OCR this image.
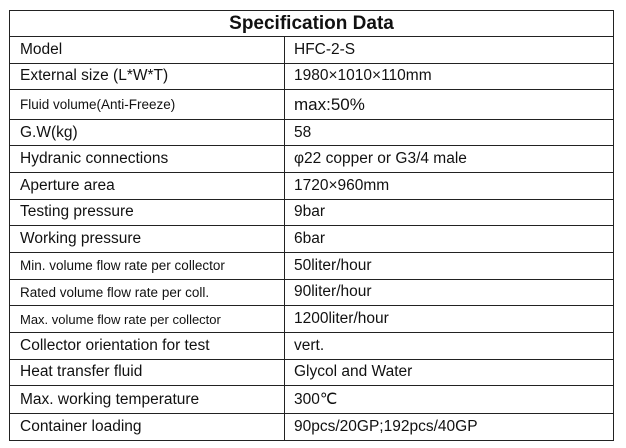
Specification Data	
Model	HFC-2-S
External size (L*W*T)	1980×1010×110mm
Fluid volume(Anti-Freeze)	max:50%
G.W(kg)	58
Hydranic connections	φ22 copper or G3/4 male
Aperture area	1720×960mm
Testing pressure	9bar
Working pressure	6bar
Min. volume flow rate per collector	50liter/hour
Rated volume flow rate per coll.	90liter/hour
Max. volume flow rate per collector	1200liter/hour
Collector orientation for test	vert.
Heat transfer fluid	Glycol and Water
Max. working temperature	300℃
Container loading	90pcs/20GP;192pcs/40GP
